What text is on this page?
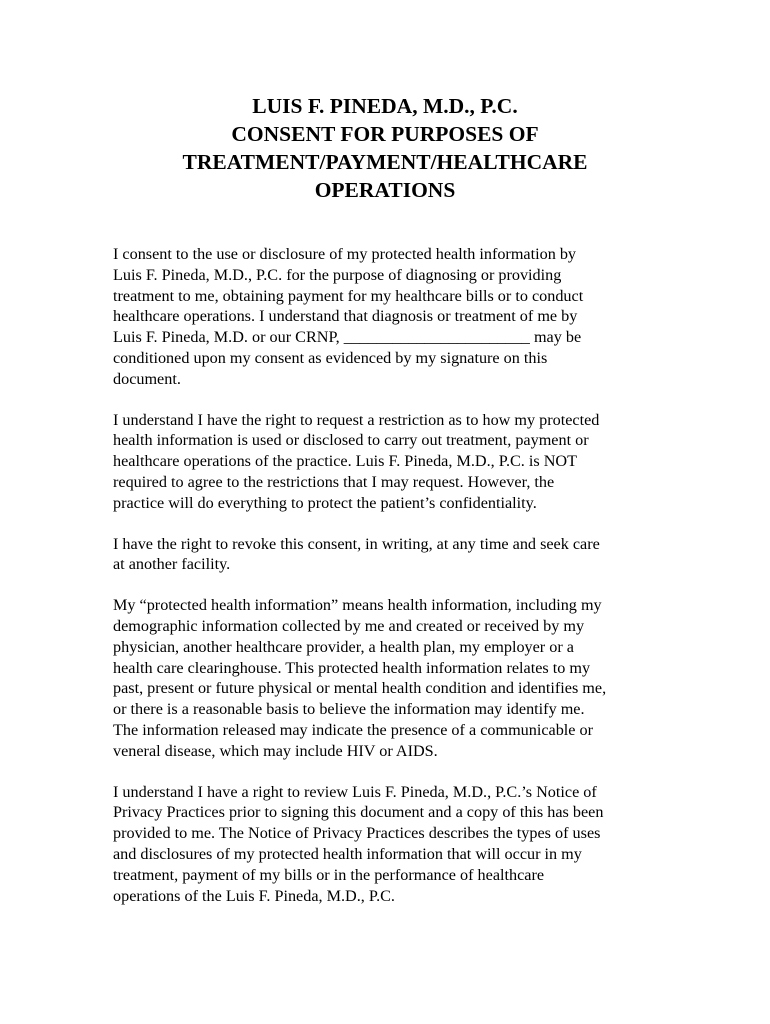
LUIS F. PINEDA, M.D., P.C.

CONSENT FOR PURPOSES OF

TREATMENT/PAYMENT/HEALTHCARE

OPERATIONS

I consent to the use or disclosure of my protected health information by

Luis F. Pineda, M.D., P.C. for the purpose of diagnosing or providing

treatment to me, obtaining payment for my healthcare bills or to conduct

healthcare operations. I understand that diagnosis or treatment of me by

Luis F. Pineda, M.D. or our CRNP, _______________________ may be

conditioned upon my consent as evidenced by my signature on this

document.

I understand I have the right to request a restriction as to how my protected

health information is used or disclosed to carry out treatment, payment or

healthcare operations of the practice. Luis F. Pineda, M.D., P.C. is NOT

required to agree to the restrictions that I may request. However, the

practice will do everything to protect the patient’s confidentiality.

I have the right to revoke this consent, in writing, at any time and seek care

at another facility.

My “protected health information” means health information, including my

demographic information collected by me and created or received by my

physician, another healthcare provider, a health plan, my employer or a

health care clearinghouse. This protected health information relates to my

past, present or future physical or mental health condition and identifies me,

or there is a reasonable basis to believe the information may identify me.

The information released may indicate the presence of a communicable or

veneral disease, which may include HIV or AIDS.

I understand I have a right to review Luis F. Pineda, M.D., P.C.’s Notice of

Privacy Practices prior to signing this document and a copy of this has been

provided to me. The Notice of Privacy Practices describes the types of uses

and disclosures of my protected health information that will occur in my

treatment, payment of my bills or in the performance of healthcare

operations of the Luis F. Pineda, M.D., P.C.
